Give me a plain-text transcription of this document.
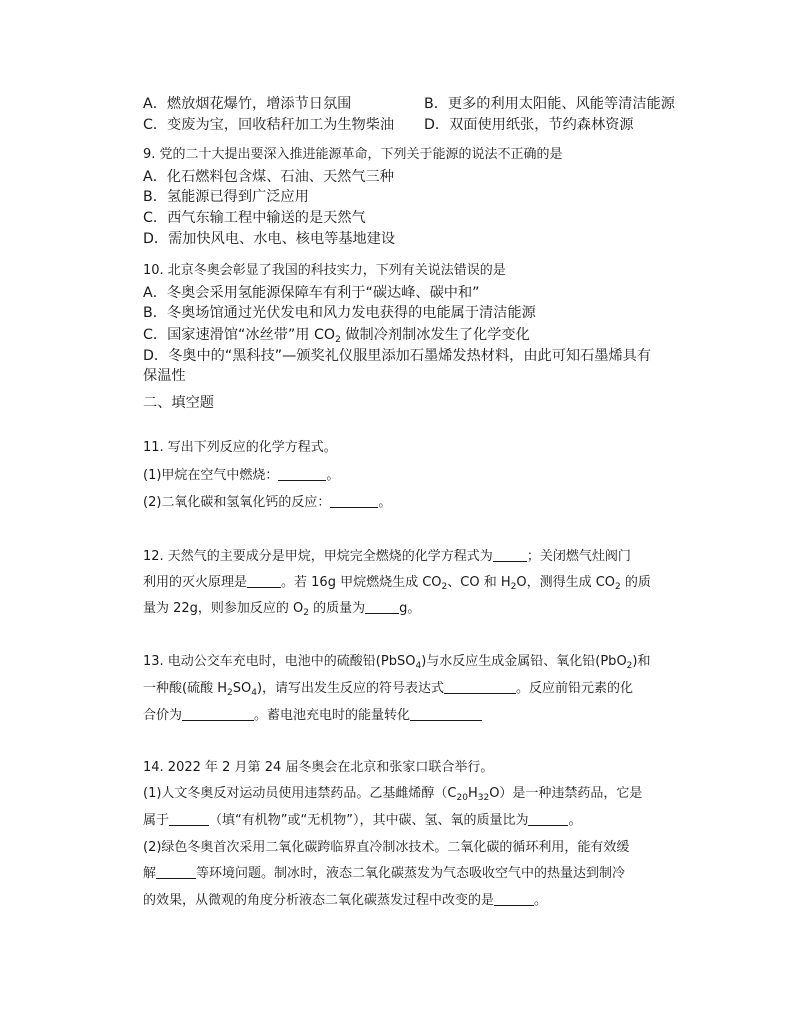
A．燃放烟花爆竹，增添节日氛围	B．更多的利用太阳能、风能等清洁能源
C．变废为宝，回收秸秆加工为生物柴油 D．双面使用纸张，节约森林资源
9. 党的二十大提出要深入推进能源革命，下列关于能源的说法不正确的是
A．化石燃料包含煤、石油、天然气三种
B．氢能源已得到广泛应用
C．西气东输工程中输送的是天然气
D．需加快风电、水电、核电等基地建设
10. 北京冬奥会彰显了我国的科技实力，下列有关说法错误的是
A．冬奥会采用氢能源保障车有利于“碳达峰、碳中和”
B．冬奥场馆通过光伏发电和风力发电获得的电能属于清洁能源
C．国家速滑馆“冰丝带”用 $CO_2$ 做制冷剂制冰发生了化学变化
D．冬奥中的“黑科技”—颁奖礼仪服里添加石墨烯发热材料，由此可知石墨烯具有
保温性
二、填空题
11. 写出下列反应的化学方程式。
(1)甲烷在空气中燃烧：	。
(2)二氧化碳和氢氧化钙的反应：	。
12. 天然气的主要成分是甲烷，甲烷完全燃烧的化学方程式为	；关闭燃气灶阀门
利用的灭火原理是	。若 16g 甲烷燃烧生成 $CO_2$、CO 和 $H_2O$，测得生成 $CO_2$ 的质
量为 22g，则参加反应的 $O_2$ 的质量为	g。
13. 电动公交车充电时，电池中的硫酸铅(PbSO$_4$)与水反应生成金属铅、氧化铅(PbO$_2$)和
一种酸(硫酸 $H_2SO_4$)，请写出发生反应的符号表达式	。反应前铅元素的化
合价为	。蓄电池充电时的能量转化
14. 2022 年 2 月第 24 届冬奥会在北京和张家口联合举行。
(1)人文冬奥反对运动员使用违禁药品。乙基雌烯醇$(C_{20}H_{32}O)$是一种违禁药品，它是
属于	（填“有机物”或“无机物”），其中碳、氢、氧的质量比为	。
(2)绿色冬奥首次采用二氧化碳跨临界直冷制冰技术。二氧化碳的循环利用，能有效缓
解	等环境问题。制冰时，液态二氧化碳蒸发为气态吸收空气中的热量达到制冷
的效果，从微观的角度分析液态二氧化碳蒸发过程中改变的是	。
